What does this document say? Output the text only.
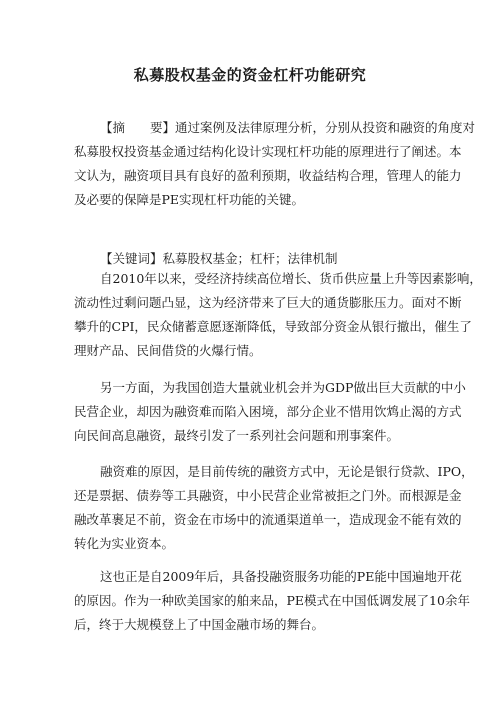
私募股权基金的资金杠杆功能研究
【摘　　要】通过案例及法律原理分析，分别从投资和融资的角度对
私募股权投资基金通过结构化设计实现杠杆功能的原理进行了阐述。本
文认为，融资项目具有良好的盈利预期，收益结构合理，管理人的能力
及必要的保障是PE实现杠杆功能的关键。
【关键词】私募股权基金；杠杆；法律机制
自2010年以来，受经济持续高位增长、货币供应量上升等因素影响，
流动性过剩问题凸显，这为经济带来了巨大的通货膨胀压力。面对不断
攀升的CPI，民众储蓄意愿逐渐降低，导致部分资金从银行撤出，催生了
理财产品、民间借贷的火爆行情。
另一方面，为我国创造大量就业机会并为GDP做出巨大贡献的中小
民营企业，却因为融资难而陷入困境，部分企业不惜用饮鸩止渴的方式
向民间高息融资，最终引发了一系列社会问题和刑事案件。
融资难的原因，是目前传统的融资方式中，无论是银行贷款、IPO，
还是票据、债券等工具融资，中小民营企业常被拒之门外。而根源是金
融改革裹足不前，资金在市场中的流通渠道单一，造成现金不能有效的
转化为实业资本。
这也正是自2009年后，具备投融资服务功能的PE能中国遍地开花
的原因。作为一种欧美国家的舶来品，PE模式在中国低调发展了10余年
后，终于大规模登上了中国金融市场的舞台。
